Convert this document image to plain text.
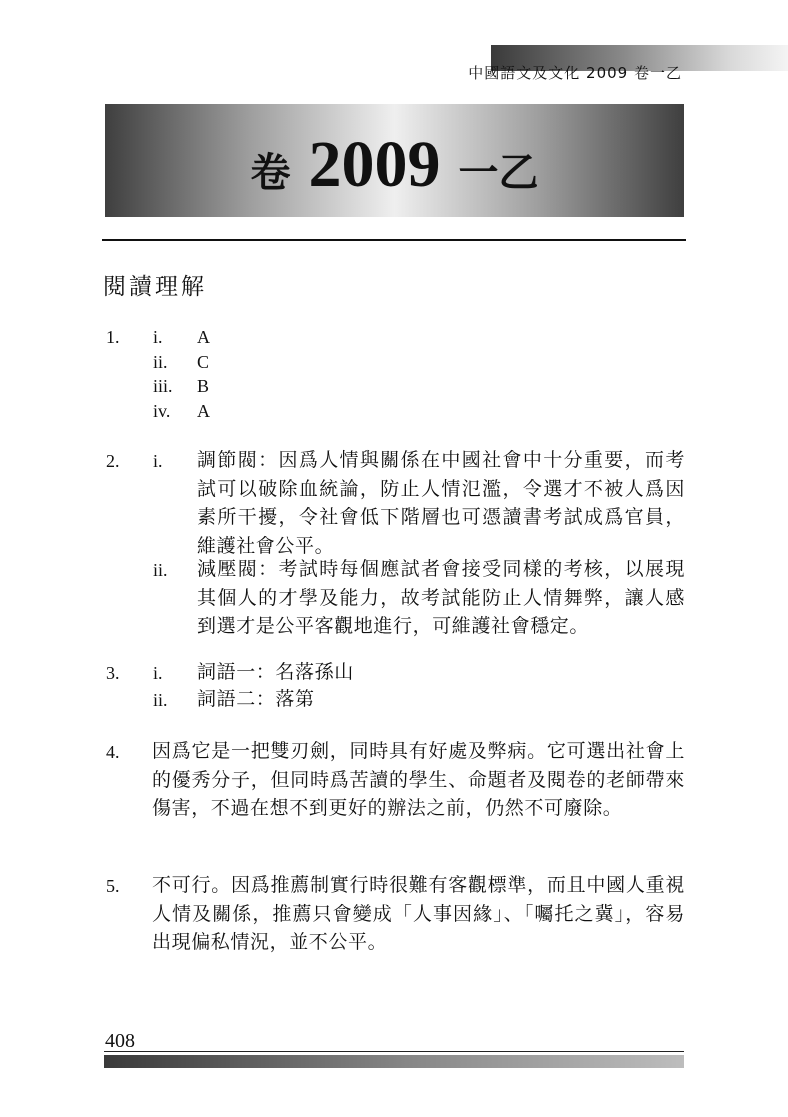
中國語文及文化 2009 卷一乙
卷 2009 一乙
閱讀理解
1. i. A
ii. C
iii. B
iv. A
2. i. 調節閥：因爲人情與關係在中國社會中十分重要，而考試可以破除血統論，防止人情氾濫，令選才不被人爲因素所干擾，令社會低下階層也可憑讀書考試成爲官員，維護社會公平。
ii. 減壓閥：考試時每個應試者會接受同樣的考核，以展現其個人的才學及能力，故考試能防止人情舞弊，讓人感到選才是公平客觀地進行，可維護社會穩定。
3. i. 詞語一：名落孫山
ii. 詞語二：落第
4. 因爲它是一把雙刃劍，同時具有好處及弊病。它可選出社會上的優秀分子，但同時爲苦讀的學生、命題者及閱卷的老師帶來傷害，不過在想不到更好的辦法之前，仍然不可廢除。
5. 不可行。因爲推薦制實行時很難有客觀標準，而且中國人重視人情及關係，推薦只會變成「人事因緣」、「囑托之冀」，容易出現偏私情況，並不公平。
408
